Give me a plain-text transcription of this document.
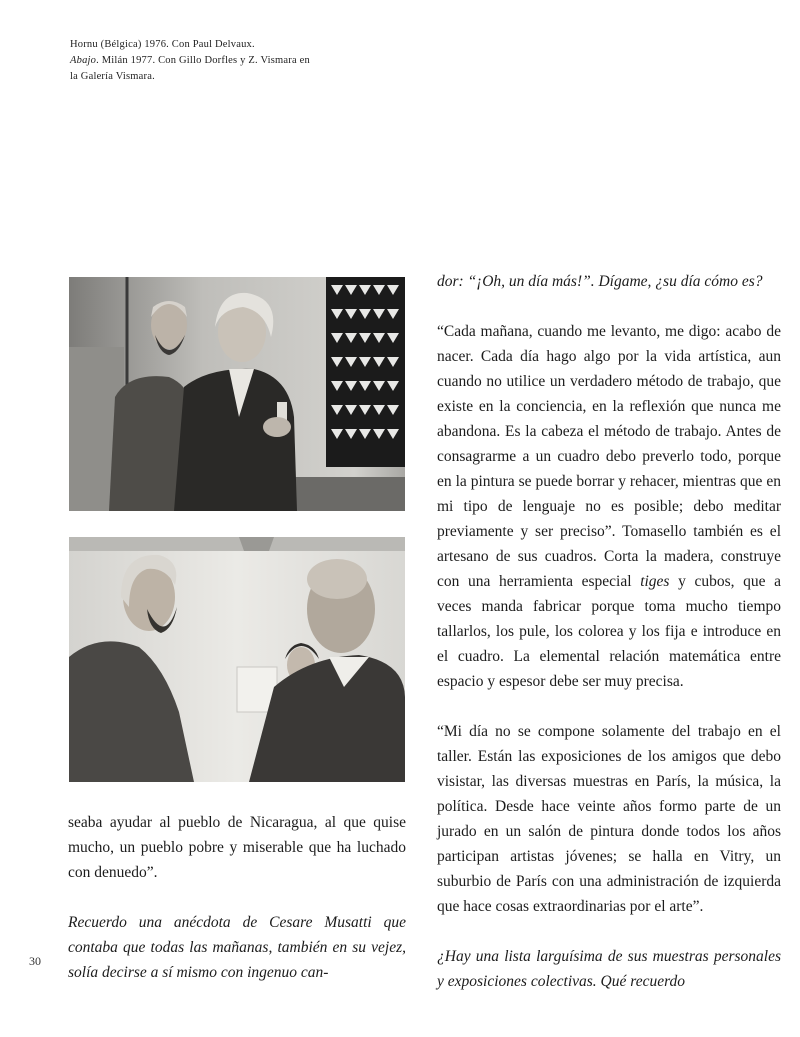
Hornu (Bélgica) 1976. Con Paul Delvaux.

Abajo. Milán 1977. Con Gillo Dorfles y Z. Vismara en la Galería Vismara.

seaba ayudar al pueblo de Nicaragua, al que quise mucho, un pueblo pobre y miserable que ha luchado con denuedo”.

Recuerdo una anécdota de Cesare Musatti que contaba que todas las mañanas, también en su vejez, solía decirse a sí mismo con ingenuo can-

dor: “¡Oh, un día más!”. Dígame, ¿su día cómo es?

“Cada mañana, cuando me levanto, me digo: acabo de nacer. Cada día hago algo por la vida artística, aun cuando no utilice un verdadero método de trabajo, que existe en la conciencia, en la reflexión que nunca me abandona. Es la cabeza el método de trabajo. Antes de consagrarme a un cuadro debo preverlo todo, porque en la pintura se puede borrar y rehacer, mientras que en mi tipo de lenguaje no es posible; debo meditar previamente y ser preciso”. Tomasello también es el artesano de sus cuadros. Corta la madera, construye con una herramienta especial tiges y cubos, que a veces manda fabricar porque toma mucho tiempo tallarlos, los pule, los colorea y los fija e introduce en el cuadro. La elemental relación matemática entre espacio y espesor debe ser muy precisa.

“Mi día no se compone solamente del trabajo en el taller. Están las exposiciones de los amigos que debo visistar, las diversas muestras en París, la música, la política. Desde hace veinte años formo parte de un jurado en un salón de pintura donde todos los años participan artistas jóvenes; se halla en Vitry, un suburbio de París con una administración de izquierda que hace cosas extraordinarias por el arte”.

¿Hay una lista larguísima de sus muestras personales y exposiciones colectivas. Qué recuerdo

30
